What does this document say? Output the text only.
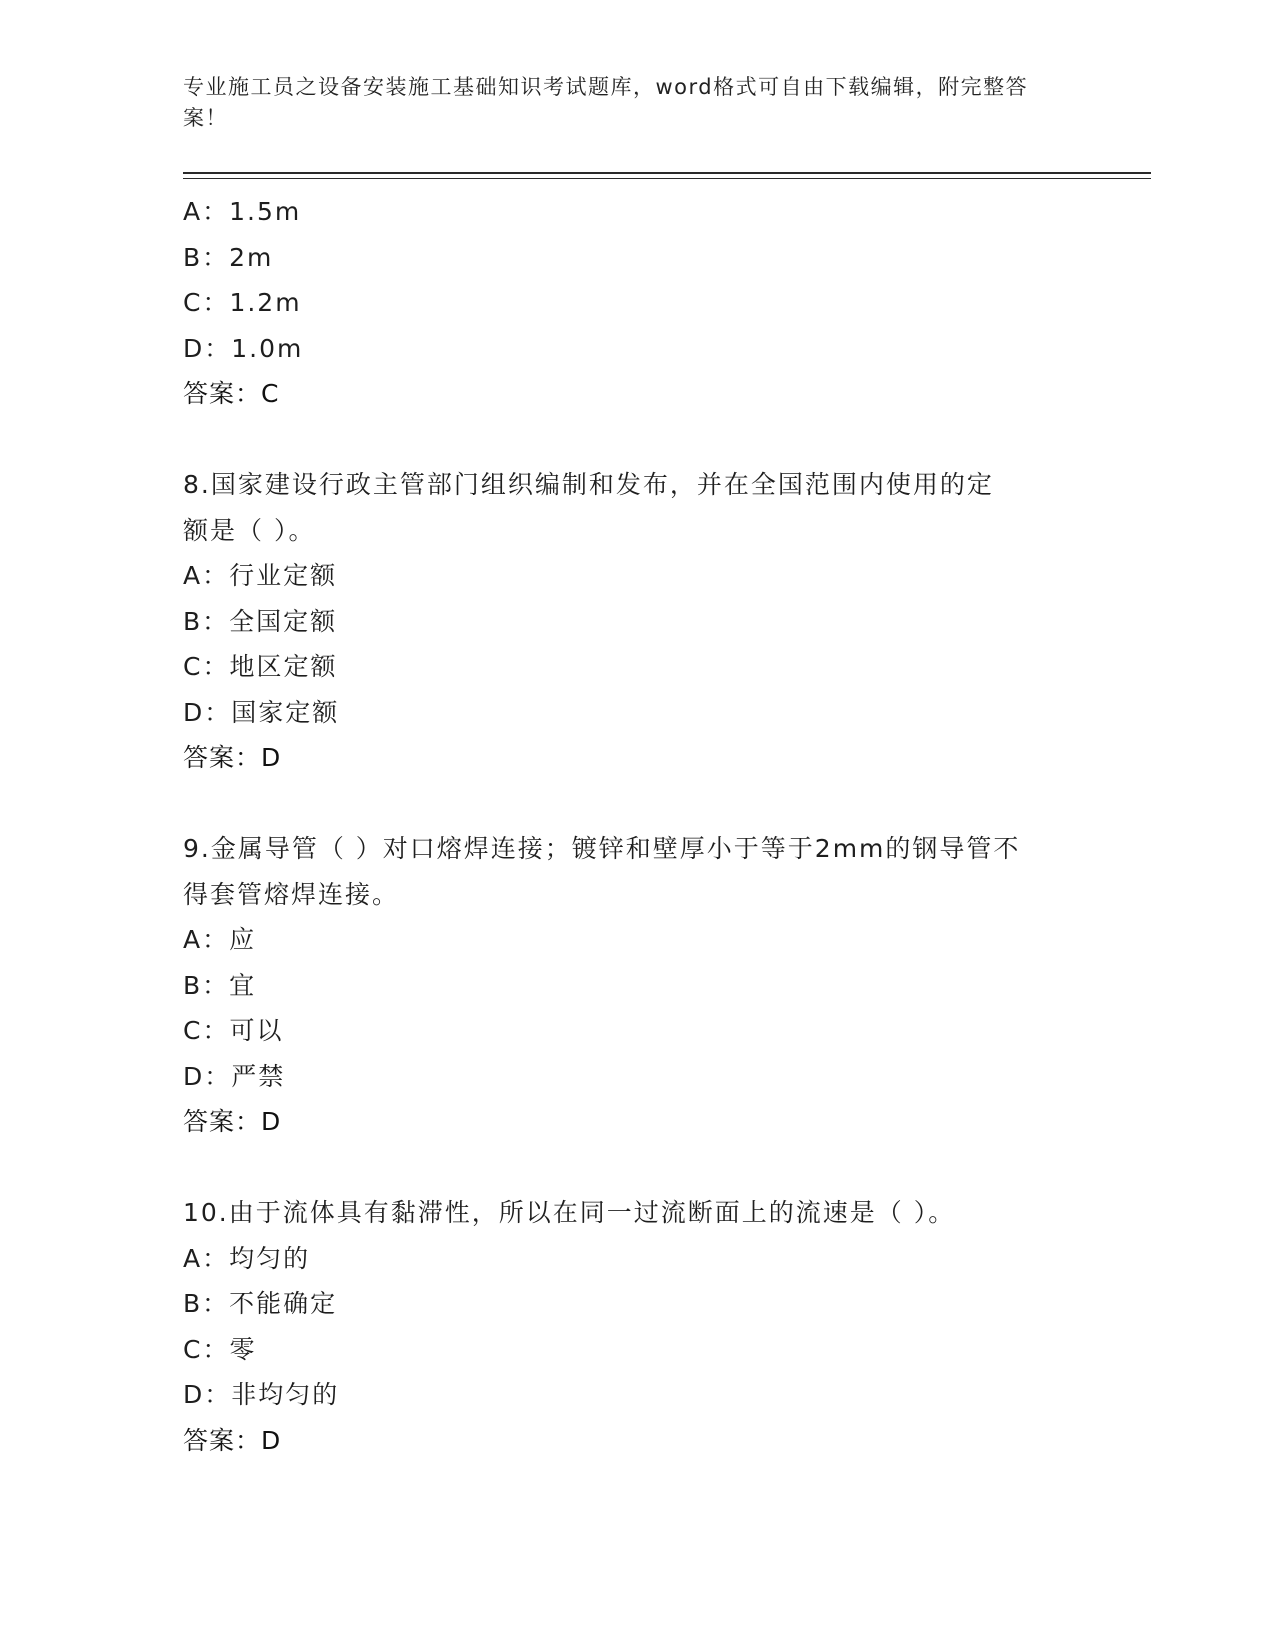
专业施工员之设备安装施工基础知识考试题库，word格式可自由下载编辑，附完整答案！
A：1.5m
B：2m
C：1.2m
D：1.0m
答案：C
8.国家建设行政主管部门组织编制和发布，并在全国范围内使用的定
额是（ ）。
A：行业定额
B：全国定额
C：地区定额
D：国家定额
答案：D
9.金属导管（ ）对口熔焊连接；镀锌和壁厚小于等于2mm的钢导管不
得套管熔焊连接。
A：应
B：宜
C：可以
D：严禁
答案：D
10.由于流体具有黏滞性，所以在同一过流断面上的流速是（ ）。
A：均匀的
B：不能确定
C：零
D：非均匀的
答案：D
